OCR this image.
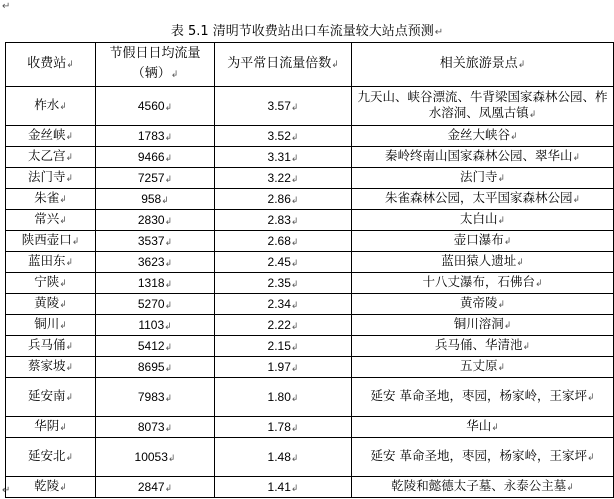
↵
表 5.1 清明节收费站出口车流量较大站点预测↵
收费站↲	节假日日均流量（辆）↲	为平常日流量倍数↲	相关旅游景点↲
柞水↲	4560↲	3.57↲	九天山、峡谷漂流、牛背梁国家森林公园、柞水溶洞、凤凰古镇↲
金丝峡↲	1783↲	3.52↲	金丝大峡谷↲
太乙宫↲	9466↲	3.31↲	秦岭终南山国家森林公园、翠华山↲
法门寺↲	7257↲	3.22↲	法门寺↲
朱雀↲	958↲	2.86↲	朱雀森林公园，太平国家森林公园↲
常兴↲	2830↲	2.83↲	太白山↲
陕西壶口↲	3537↲	2.68↲	壶口瀑布↲
蓝田东↲	3623↲	2.45↲	蓝田猿人遗址↲
宁陕↲	1318↲	2.35↲	十八丈瀑布，石佛台↲
黄陵↲	5270↲	2.34↲	黄帝陵↲
铜川↲	1103↲	2.22↲	铜川溶洞↲
兵马俑↲	5412↲	2.15↲	兵马俑、华清池↲
蔡家坡↲	8695↲	1.97↲	五丈原↲
延安南↲	7983↲	1.80↲	延安 革命圣地，枣园，杨家岭，王家坪↲
华阴↲	8073↲	1.78↲	华山↲
延安北↲	10053↲	1.48↲	延安 革命圣地，枣园，杨家岭，王家坪↲
乾陵↲	2847↲	1.41↲	乾陵和懿德太子墓、永泰公主墓↲
↵
